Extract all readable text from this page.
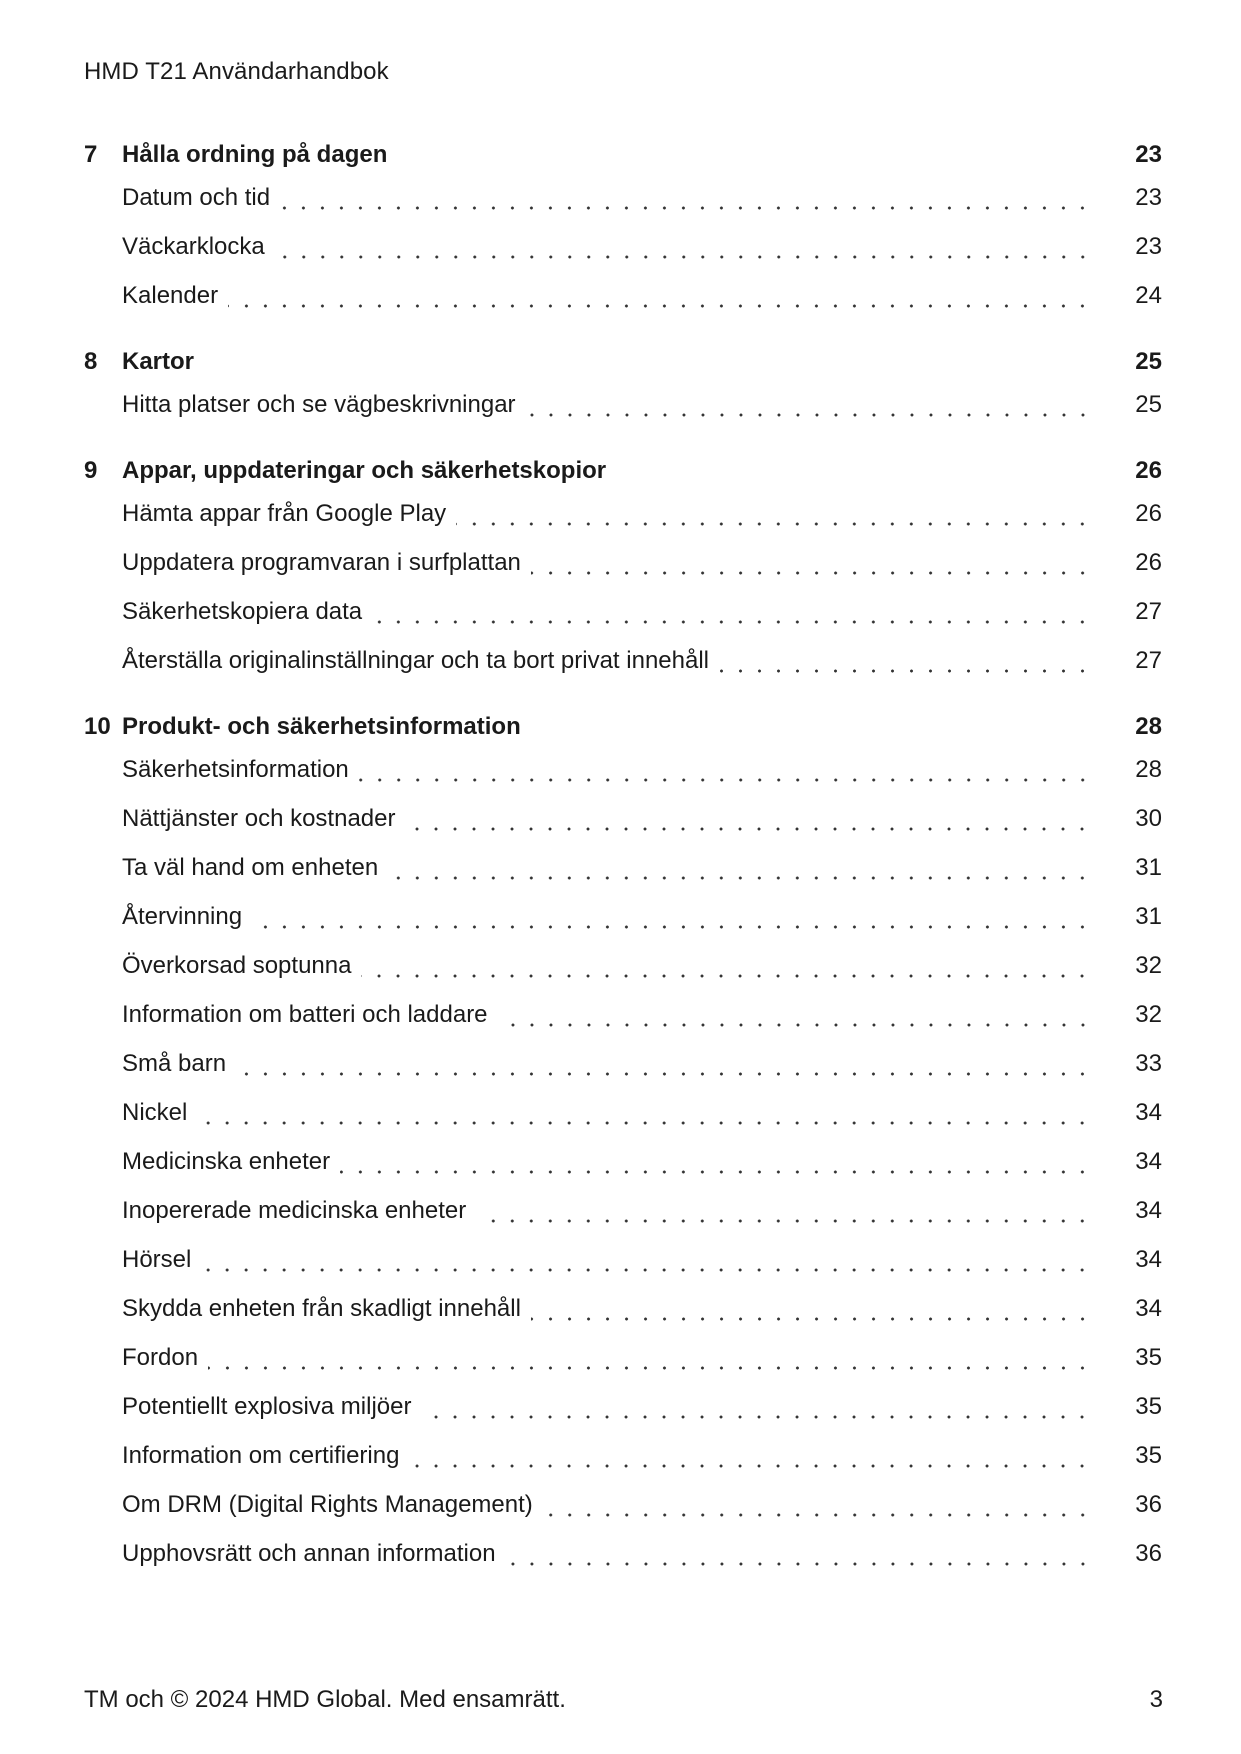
HMD T21 Användarhandbok
7	Hålla ordning på dagen	23
Datum och tid	23
Väckarklocka	23
Kalender	24
8	Kartor	25
Hitta platser och se vägbeskrivningar	25
9	Appar, uppdateringar och säkerhetskopior	26
Hämta appar från Google Play	26
Uppdatera programvaran i surfplattan	26
Säkerhetskopiera data	27
Återställa originalinställningar och ta bort privat innehåll	27
10 Produkt- och säkerhetsinformation	28
Säkerhetsinformation	28
Nättjänster och kostnader	30
Ta väl hand om enheten	31
Återvinning	31
Överkorsad soptunna	32
Information om batteri och laddare	32
Små barn	33
Nickel	34
Medicinska enheter	34
Inopererade medicinska enheter	34
Hörsel	34
Skydda enheten från skadligt innehåll	34
Fordon	35
Potentiellt explosiva miljöer	35
Information om certifiering	35
Om DRM (Digital Rights Management)	36
Upphovsrätt och annan information	36
TM och © 2024 HMD Global. Med ensamrätt.	3
